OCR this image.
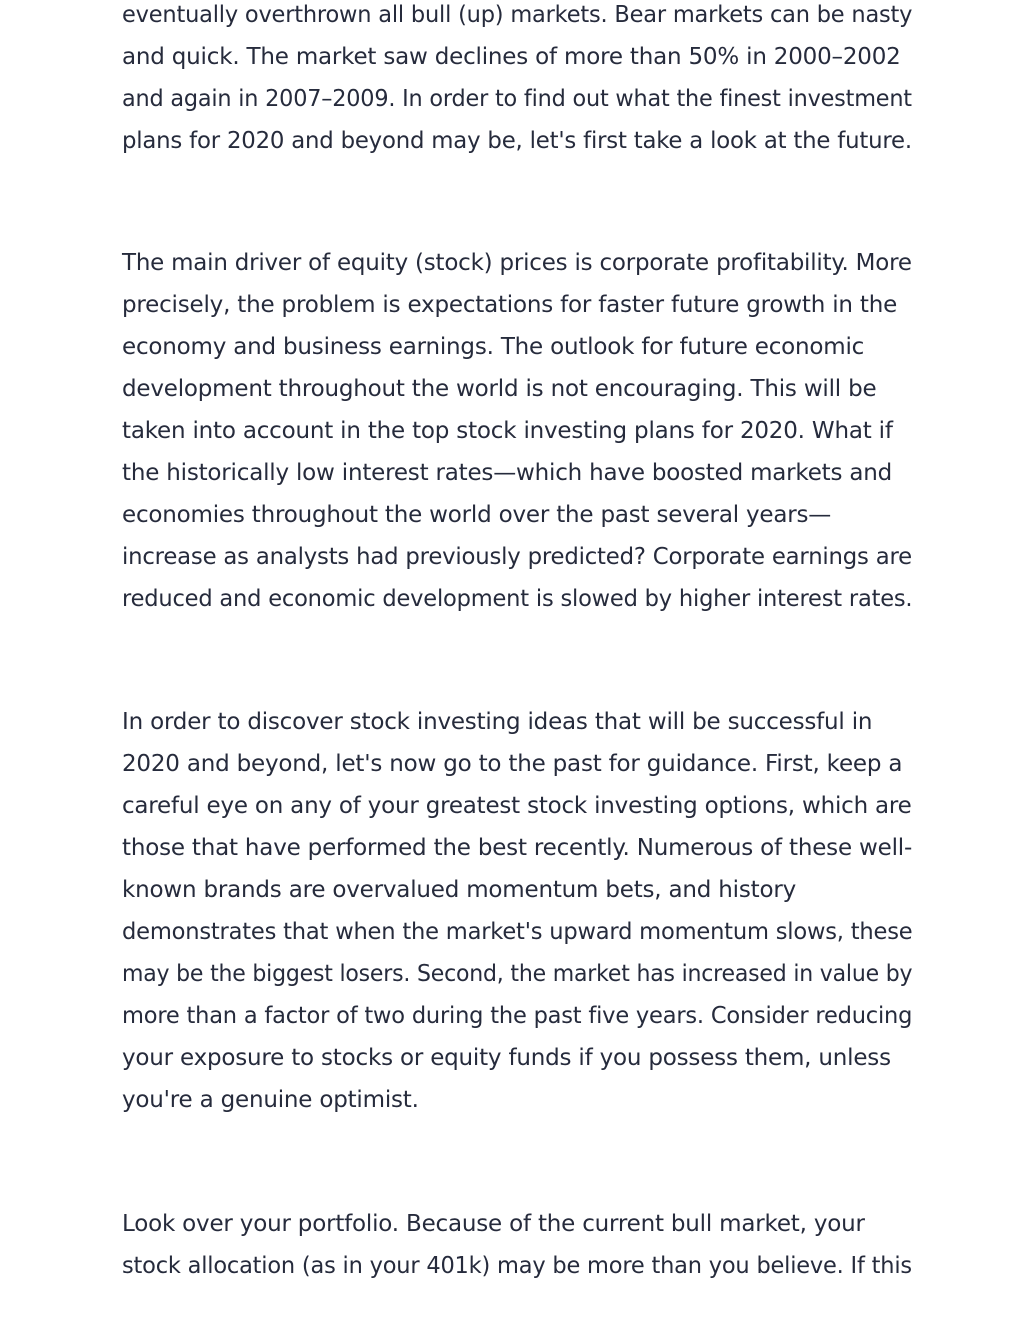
eventually overthrown all bull (up) markets. Bear markets can be nasty
and quick. The market saw declines of more than 50% in 2000–2002
and again in 2007–2009. In order to find out what the finest investment
plans for 2020 and beyond may be, let's first take a look at the future.

The main driver of equity (stock) prices is corporate profitability. More
precisely, the problem is expectations for faster future growth in the
economy and business earnings. The outlook for future economic
development throughout the world is not encouraging. This will be
taken into account in the top stock investing plans for 2020. What if
the historically low interest rates—which have boosted markets and
economies throughout the world over the past several years—
increase as analysts had previously predicted? Corporate earnings are
reduced and economic development is slowed by higher interest rates.

In order to discover stock investing ideas that will be successful in
2020 and beyond, let's now go to the past for guidance. First, keep a
careful eye on any of your greatest stock investing options, which are
those that have performed the best recently. Numerous of these well-
known brands are overvalued momentum bets, and history
demonstrates that when the market's upward momentum slows, these
may be the biggest losers. Second, the market has increased in value by
more than a factor of two during the past five years. Consider reducing
your exposure to stocks or equity funds if you possess them, unless
you're a genuine optimist.

Look over your portfolio. Because of the current bull market, your
stock allocation (as in your 401k) may be more than you believe. If this
